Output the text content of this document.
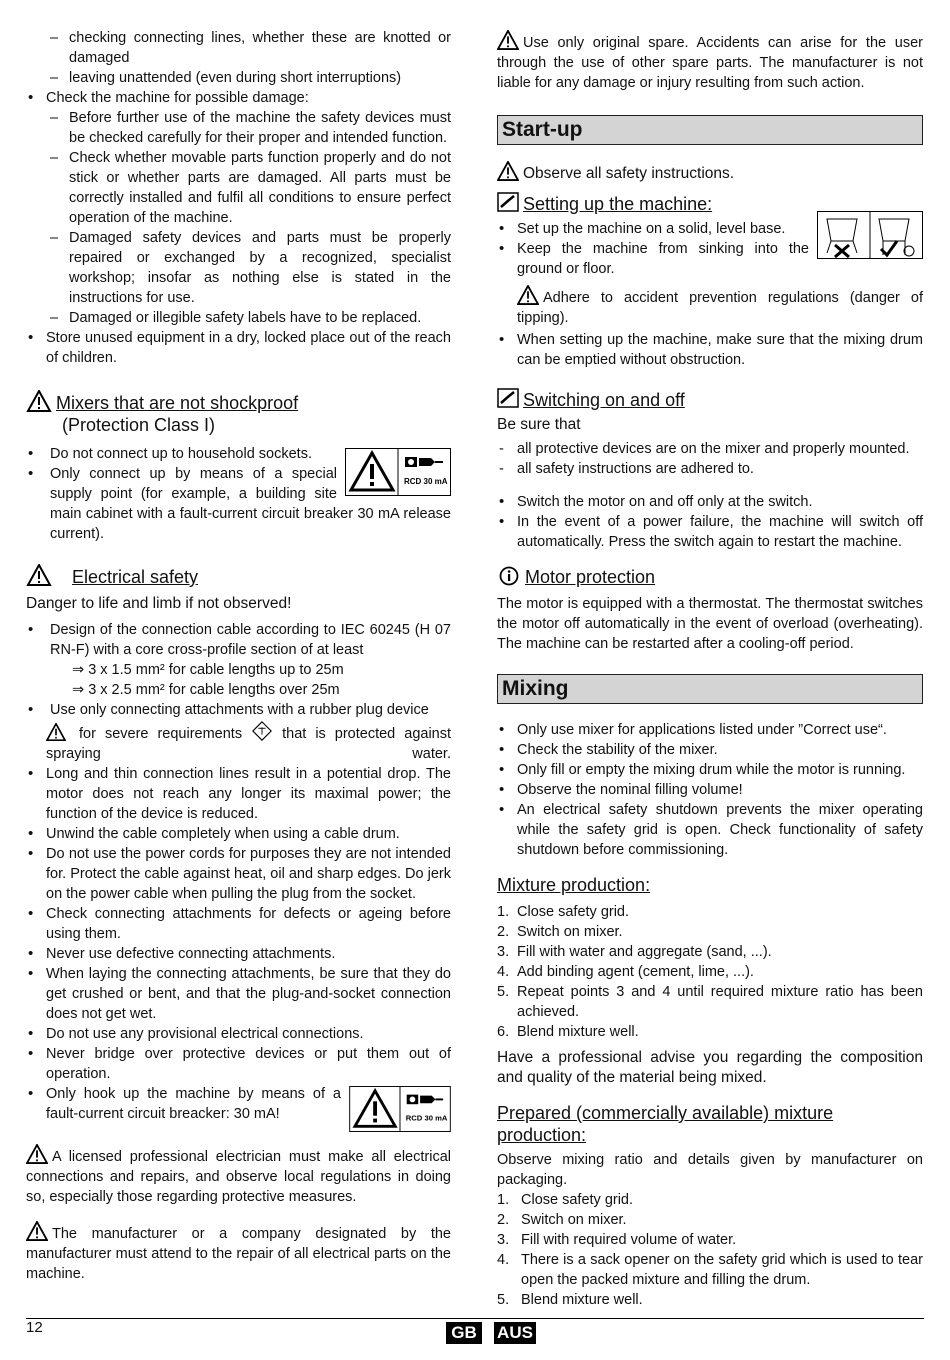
– checking connecting lines, whether these are knotted or damaged
– leaving unattended (even during short interruptions)
• Check the machine for possible damage:
– Before further use of the machine the safety devices must be checked carefully for their proper and intended function.
– Check whether movable parts function properly and do not stick or whether parts are damaged. All parts must be correctly installed and fulfil all conditions to ensure perfect operation of the machine.
– Damaged safety devices and parts must be properly repaired or exchanged by a recognized, specialist workshop; insofar as nothing else is stated in the instructions for use.
– Damaged or illegible safety labels have to be replaced.
• Store unused equipment in a dry, locked place out of the reach of children.
Mixers that are not shockproof
(Protection Class I)
RCD 30 mA
• Do not connect up to household sockets.
• Only connect up by means of a special supply point (for example, a building site main cabinet with a fault-current circuit breaker 30 mA release current).
Electrical safety

Danger to life and limb if not observed!

• Design of the connection cable according to IEC 60245 (H 07 RN-F) with a core cross-profile section of at least
⇒ 3 x 1.5 mm² for cable lengths up to 25m
⇒ 3 x 2.5 mm² for cable lengths over 25m
• Use only connecting attachments with a rubber plug device
for severe requirements	that is protected against spraying water.
• Long and thin connection lines result in a potential drop. The motor does not reach any longer its maximal power; the function of the device is reduced.
• Unwind the cable completely when using a cable drum.
• Do not use the power cords for purposes they are not intended for. Protect the cable against heat, oil and sharp edges. Do jerk on the power cable when pulling the plug from the socket.
• Check connecting attachments for defects or ageing before using them.
• Never use defective connecting attachments.
• When laying the connecting attachments, be sure that they do get crushed or bent, and that the plug-and-socket connection does not get wet.
• Do not use any provisional electrical connections.
• Never bridge over protective devices or put them out of operation.
• RCD 30 mA
Only hook up the machine by means of a fault-current circuit breacker: 30 mA!

A licensed professional electrician must make all electrical connections and repairs, and observe local regulations in doing so, especially those regarding protective measures.

The manufacturer or a company designated by the manufacturer must attend to the repair of all electrical parts on the machine.

Use only original spare. Accidents can arise for the user through the use of other spare parts. The manufacturer is not liable for any damage or injury resulting from such action.

Start-up
Observe all safety instructions.
Setting up the machine:
• Set up the machine on a solid, level base.
• Keep the machine from sinking into the ground or floor.

Adhere to accident prevention regulations (danger of tipping).

• When setting up the machine, make sure that the mixing drum can be emptied without obstruction.
Switching on and off

Be sure that

- all protective devices are on the mixer and properly mounted.
- all safety instructions are adhered to.
• Switch the motor on and off only at the switch.
• In the event of a power failure, the machine will switch off automatically. Press the switch again to restart the machine.
Motor protection

The motor is equipped with a thermostat. The thermostat switches the motor off automatically in the event of overload (overheating). The machine can be restarted after a cooling-off period.

Mixing
• Only use mixer for applications listed under ”Correct use“.
• Check the stability of the mixer.
• Only fill or empty the mixing drum while the motor is running.
• Observe the nominal filling volume!
• An electrical safety shutdown prevents the mixer operating while the safety grid is open. Check functionality of safety shutdown before commissioning.
Mixture production:
1. Close safety grid.
2. Switch on mixer.
3. Fill with water and aggregate (sand, ...).
4. Add binding agent (cement, lime, ...).
5. Repeat points 3 and 4 until required mixture ratio has been achieved.
6. Blend mixture well.

Have a professional advise you regarding the composition and quality of the material being mixed.

Prepared (commercially available) mixture production:

Observe mixing ratio and details given by manufacturer on packaging.

1. Close safety grid.
2. Switch on mixer.
3. Fill with required volume of water.
4. There is a sack opener on the safety grid which is used to tear open the packed mixture and filling the drum.
5. Blend mixture well.
12	GB	AUS
